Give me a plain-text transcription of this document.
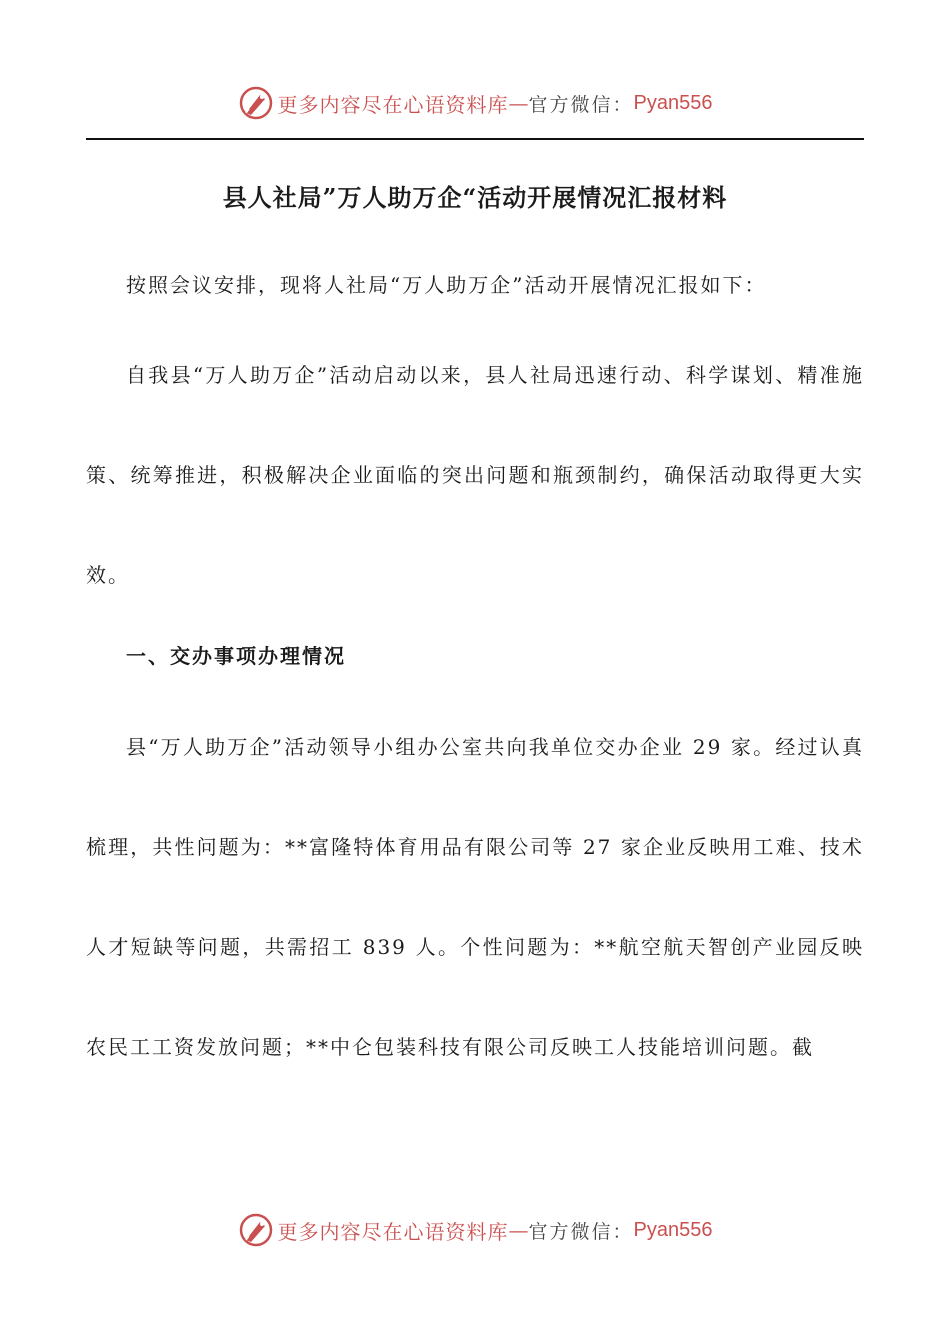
更多内容尽在心语资料库 — 官方微信： Pyan556
县人社局”万人助万企“活动开展情况汇报材料

按照会议安排，现将人社局“万人助万企”活动开展情况汇报如下：

自我县“万人助万企”活动启动以来，县人社局迅速行动、科学谋划、精准施策、统筹推进，积极解决企业面临的突出问题和瓶颈制约，确保活动取得更大实效。

一、交办事项办理情况

县“万人助万企”活动领导小组办公室共向我单位交办企业 29 家。经过认真梳理，共性问题为：**富隆特体育用品有限公司等 27 家企业反映用工难、技术人才短缺等问题，共需招工 839 人。个性问题为：**航空航天智创产业园反映农民工工资发放问题；**中仑包装科技有限公司反映工人技能培训问题。截

更多内容尽在心语资料库 — 官方微信： Pyan556
